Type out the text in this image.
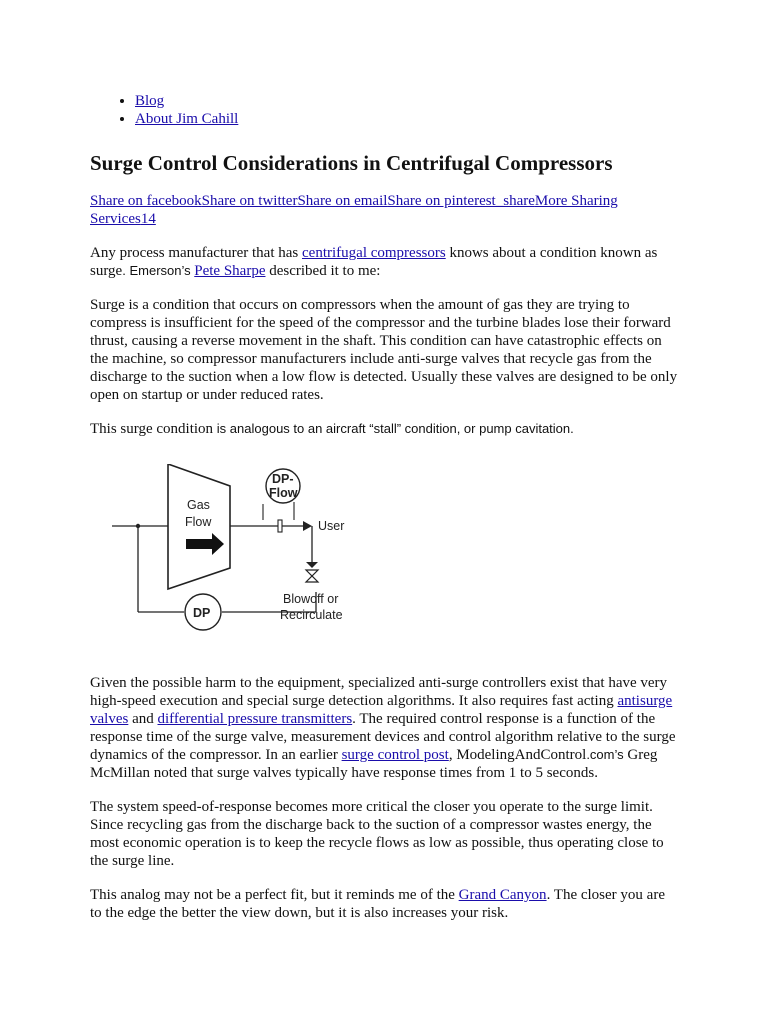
• Blog
• About Jim Cahill
Surge Control Considerations in Centrifugal Compressors
Share on facebookShare on twitterShare on emailShare on pinterest_shareMore Sharing Services14

Any process manufacturer that has centrifugal compressors knows about a condition known as surge. Emerson’s Pete Sharpe described it to me:

Surge is a condition that occurs on compressors when the amount of gas they are trying to compress is insufficient for the speed of the compressor and the turbine blades lose their forward thrust, causing a reverse movement in the shaft. This condition can have catastrophic effects on the machine, so compressor manufacturers include anti-surge valves that recycle gas from the discharge to the suction when a low flow is detected. Usually these valves are designed to be only open on startup or under reduced rates.

This surge condition is analogous to an aircraft “stall” condition, or pump cavitation.

User
Gas
Flow
DP
DP-
Flow
Blowoff or
Recirculate

Given the possible harm to the equipment, specialized anti-surge controllers exist that have very high-speed execution and special surge detection algorithms. It also requires fast acting antisurge valves and differential pressure transmitters. The required control response is a function of the response time of the surge valve, measurement devices and control algorithm relative to the surge dynamics of the compressor. In an earlier surge control post, ModelingAndControl.com’s Greg McMillan noted that surge valves typically have response times from 1 to 5 seconds.

The system speed-of-response becomes more critical the closer you operate to the surge limit. Since recycling gas from the discharge back to the suction of a compressor wastes energy, the most economic operation is to keep the recycle flows as low as possible, thus operating close to the surge line.

This analog may not be a perfect fit, but it reminds me of the Grand Canyon. The closer you are to the edge the better the view down, but it is also increases your risk.
